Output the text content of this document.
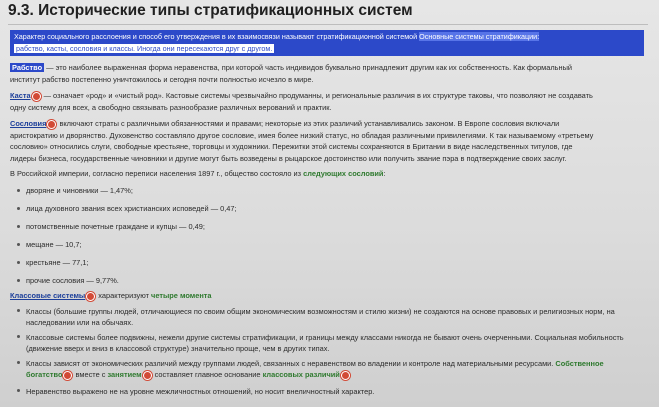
9.3. Исторические типы стратификационных систем
Характер социального расслоения и способ его утверждения в их взаимосвязи называют стратификационной системой Основные системы стратификации:
рабство, касты, сословия и классы. Иногда они пересекаются друг с другом.
Рабство — это наиболее выраженная форма неравенства, при которой часть индивидов буквально принадлежит другим как их собственность. Как формальный
институт рабство постепенно уничтожилось и сегодня почти полностью исчезло в мире.
Каста — означает «род» и «чистый род». Кастовые системы чрезвычайно продуманны, и региональные различия в их структуре таковы, что позволяют не создавать
одну систему для всех, а свободно связывать разнообразие различных верований и практик.
Сословия включают страты с различными обязанностями и правами; некоторые из этих различий устанавливались законом. В Европе сословия включали
аристократию и дворянство. Духовенство составляло другое сословие, имея более низкий статус, но обладая различными привилегиями. К так называемому «третьему
сословию» относились слуги, свободные крестьяне, торговцы и художники. Пережитки этой системы сохраняются в Британии в виде наследственных титулов, где
лидеры бизнеса, государственные чиновники и другие могут быть возведены в рыцарское достоинство или получить звание пэра в подтверждение своих заслуг.
В Российской империи, согласно переписи населения 1897 г., общество состояло из следующих сословий:
дворяне и чиновники — 1,47%;
лица духовного звания всех христианских исповедей — 0,47;
потомственные почетные граждане и купцы — 0,49;
мещане — 10,7;
крестьяне — 77,1;
прочие сословия — 9,77%.
Классовые системы характеризуют четыре момента
Классы (большие группы людей, отличающиеся по своим общим экономическим возможностям и стилю жизни) не создаются на основе правовых и религиозных норм, на наследовании или на обычаях.
Классовые системы более подвижны, нежели другие системы стратификации, и границы между классами никогда не бывают очень очерченными. Социальная мобильность (движение вверх и вниз в классовой структуре) значительно проще, чем в других типах.
Классы зависят от экономических различий между группами людей, связанных с неравенством во владении и контроле над материальными ресурсами. Собственное богатство вместе с занятием составляет главное основание классовых различий
Неравенство выражено не на уровне межличностных отношений, но носит внеличностный характер.
